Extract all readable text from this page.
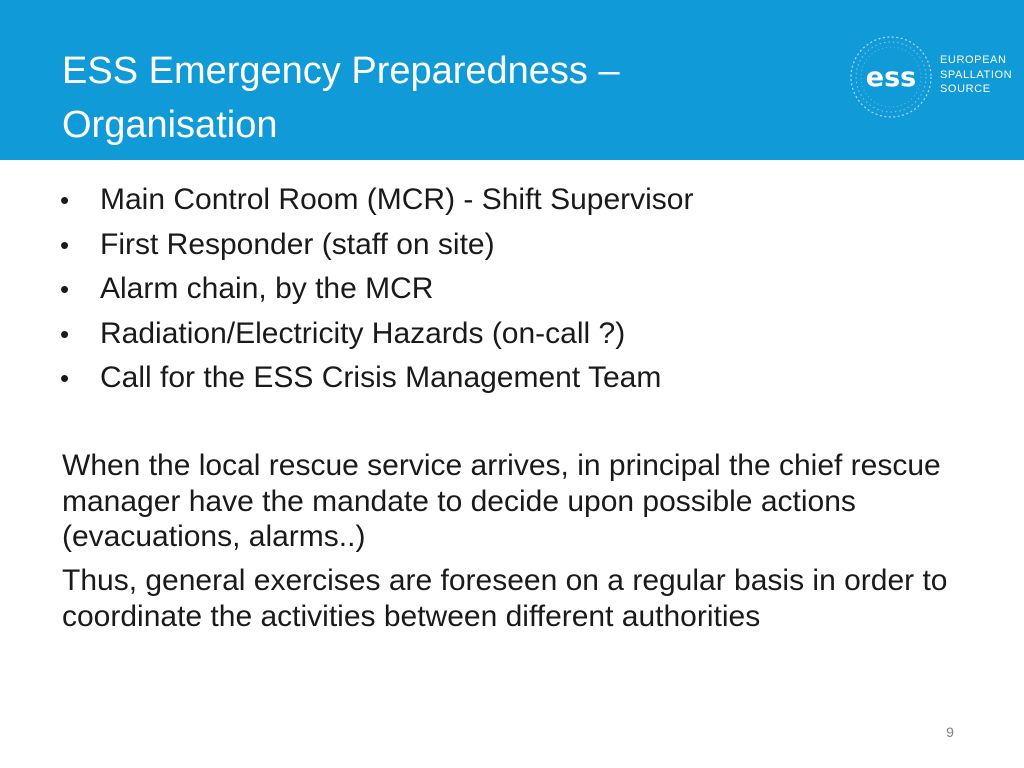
ESS Emergency Preparedness – Organisation
ess
EUROPEAN
SPALLATION
SOURCE
• Main Control Room (MCR) - Shift Supervisor
• First Responder (staff on site)
• Alarm chain, by the MCR
• Radiation/Electricity Hazards (on-call ?)
• Call for the ESS Crisis Management Team

When the local rescue service arrives, in principal the chief rescue manager have the mandate to decide upon possible actions (evacuations, alarms..)

Thus, general exercises are foreseen on a regular basis in order to coordinate the activities between different authorities

9
